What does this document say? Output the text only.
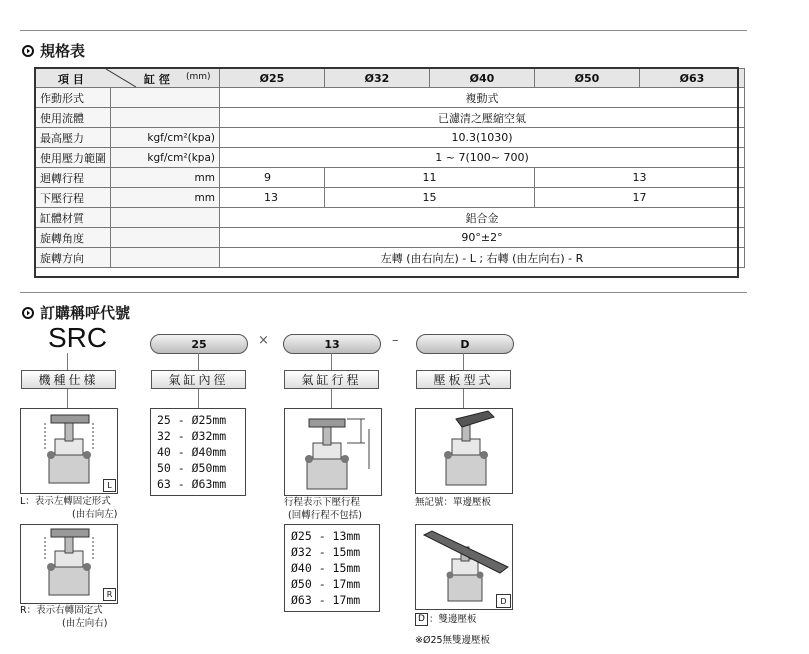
規格表
項 目 缸 徑 (mm)		Ø25	Ø32	Ø40	Ø50	Ø63
作動形式		複動式				
使用流體		已濾清之壓縮空氣				
最高壓力	kgf/cm²(kpa)	10.3(1030)				
使用壓力範圍	kgf/cm²(kpa)	1 ~ 7(100~ 700)				
迴轉行程	mm	9	11		13	
下壓行程	mm	13	15		17	
缸體材質		鋁合金				
旋轉角度		90°±2°				
旋轉方向		左轉 (由右向左) - L ; 右轉 (由左向右) - R				
訂購稱呼代號
SRC	25	×	13	–	D
機種仕樣	氣缸內徑	氣缸行程	壓板型式
L
L：表示左轉固定形式
(由右向左)
R
R：表示右轉固定式
(由左向右)
25 - Ø25mm
32 - Ø32mm
40 - Ø40mm
50 - Ø50mm
63 - Ø63mm
行程表示下壓行程
(回轉行程不包括)
Ø25 - 13mm
Ø32 - 15mm
Ø40 - 15mm
Ø50 - 17mm
Ø63 - 17mm
無記號：單邊壓板
D
D ：雙邊壓板
※Ø25無雙邊壓板
